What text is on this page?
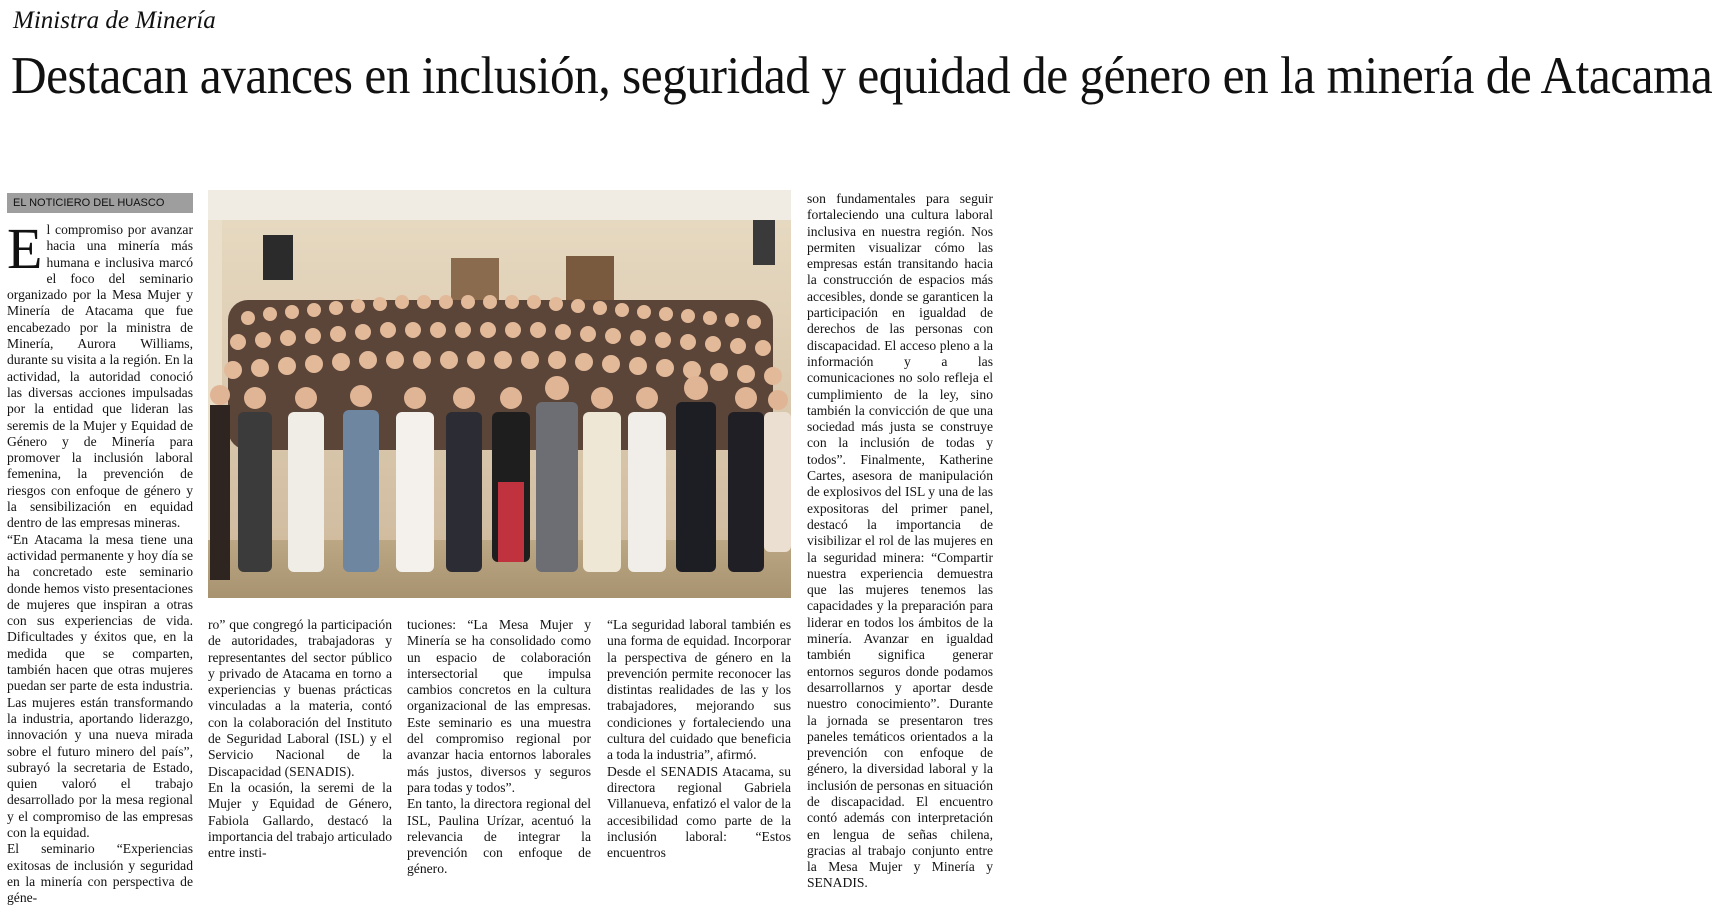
Ministra de Minería
Destacan avances en inclusión, seguridad y equidad de género en la minería de Atacama
EL NOTICIERO DEL HUASCO

El compromiso por avanzar hacia una minería más humana e inclusiva marcó el foco del seminario organizado por la Mesa Mujer y Minería de Atacama que fue encabezado por la ministra de Minería, Aurora Williams, durante su visita a la región. En la actividad, la autoridad conoció las diversas acciones impulsadas por la entidad que lideran las seremis de la Mujer y Equidad de Género y de Minería para promover la inclusión laboral femenina, la prevención de riesgos con enfoque de género y la sensibilización en equidad dentro de las empresas mineras.

“En Atacama la mesa tiene una actividad permanente y hoy día se ha concretado este seminario donde hemos visto presentaciones de mujeres que inspiran a otras con sus experiencias de vida. Dificultades y éxitos que, en la medida que se comparten, también hacen que otras mujeres puedan ser parte de esta industria. Las mujeres están transformando la industria, aportando liderazgo, innovación y una nueva mirada sobre el futuro minero del país”, subrayó la secretaria de Estado, quien valoró el trabajo desarrollado por la mesa regional y el compromiso de las empresas con la equidad.

El seminario “Experiencias exitosas de inclusión y seguridad en la minería con perspectiva de géne-

ro” que congregó la participación de autoridades, trabajadoras y representantes del sector público y privado de Atacama en torno a experiencias y buenas prácticas vinculadas a la materia, contó con la colaboración del Instituto de Seguridad Laboral (ISL) y el Servicio Nacional de la Discapacidad (SENADIS).

En la ocasión, la seremi de la Mujer y Equidad de Género, Fabiola Gallardo, destacó la importancia del trabajo articulado entre insti-

tuciones: “La Mesa Mujer y Minería se ha consolidado como un espacio de colaboración intersectorial que impulsa cambios concretos en la cultura organizacional de las empresas. Este seminario es una muestra del compromiso regional por avanzar hacia entornos laborales más justos, diversos y seguros para todas y todos”.

En tanto, la directora regional del ISL, Paulina Urízar, acentuó la relevancia de integrar la prevención con enfoque de género.

“La seguridad laboral también es una forma de equidad. Incorporar la perspectiva de género en la prevención permite reconocer las distintas realidades de las y los trabajadores, mejorando sus condiciones y fortaleciendo una cultura del cuidado que beneficia a toda la industria”, afirmó.

Desde el SENADIS Atacama, su directora regional Gabriela Villanueva, enfatizó el valor de la accesibilidad como parte de la inclusión laboral: “Estos encuentros

son fundamentales para seguir fortaleciendo una cultura laboral inclusiva en nuestra región. Nos permiten visualizar cómo las empresas están transitando hacia la construcción de espacios más accesibles, donde se garanticen la participación en igualdad de derechos de las personas con discapacidad. El acceso pleno a la información y a las comunicaciones no solo refleja el cumplimiento de la ley, sino también la convicción de que una sociedad más justa se construye con la inclusión de todas y todos”. Finalmente, Katherine Cartes, asesora de manipulación de explosivos del ISL y una de las expositoras del primer panel, destacó la importancia de visibilizar el rol de las mujeres en la seguridad minera: “Compartir nuestra experiencia demuestra que las mujeres tenemos las capacidades y la preparación para liderar en todos los ámbitos de la minería. Avanzar en igualdad también significa generar entornos seguros donde podamos desarrollarnos y aportar desde nuestro conocimiento”. Durante la jornada se presentaron tres paneles temáticos orientados a la prevención con enfoque de género, la diversidad laboral y la inclusión de personas en situación de discapacidad. El encuentro contó además con interpretación en lengua de señas chilena, gracias al trabajo conjunto entre la Mesa Mujer y Minería y SENADIS.
